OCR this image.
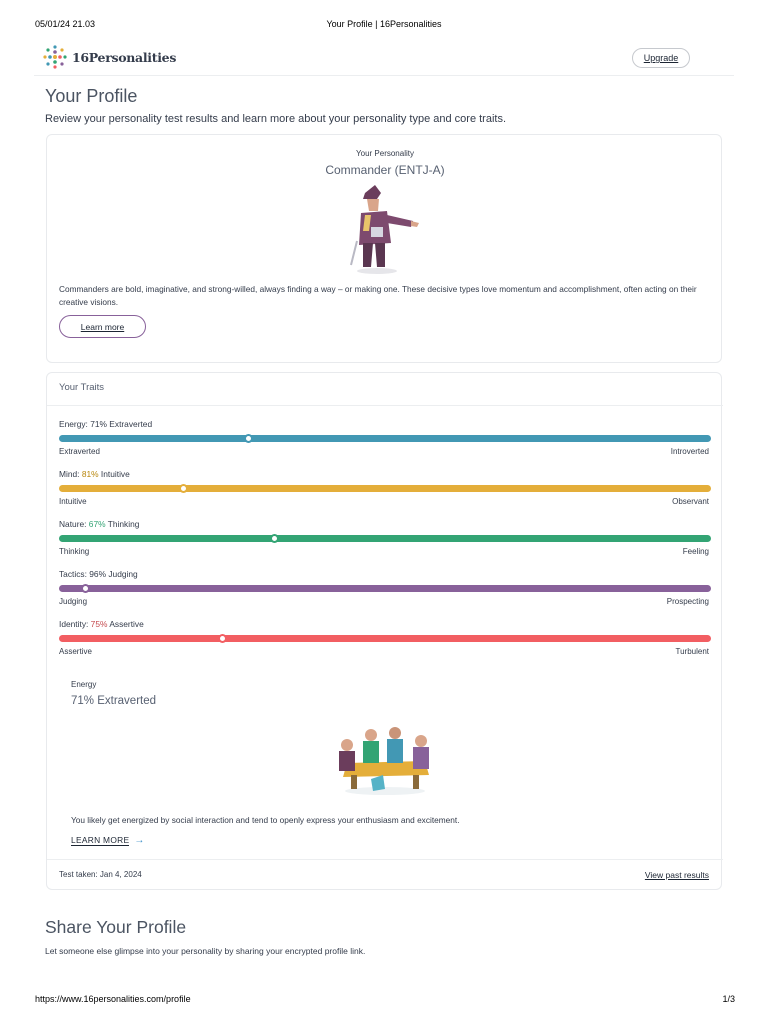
05/01/24 21.03	Your Profile | 16Personalities
16Personalities	Upgrade
Your Profile
Review your personality test results and learn more about your personality type and core traits.
Your Personality
Commander (ENTJ-A)
Commanders are bold, imaginative, and strong-willed, always finding a way – or making one. These decisive types love momentum and accomplishment, often acting on their creative visions.
Learn more
Your Traits
Energy: 71% Extraverted
Extraverted	Introverted
Mind: 81% Intuitive
Intuitive	Observant
Nature: 67% Thinking
Thinking	Feeling
Tactics: 96% Judging
Judging	Prospecting
Identity: 75% Assertive
Assertive	Turbulent
Energy
71% Extraverted
You likely get energized by social interaction and tend to openly express your enthusiasm and excitement.
LEARN MORE →
Test taken: Jan 4, 2024	View past results
Share Your Profile
Let someone else glimpse into your personality by sharing your encrypted profile link.
https://www.16personalities.com/profile	1/3
